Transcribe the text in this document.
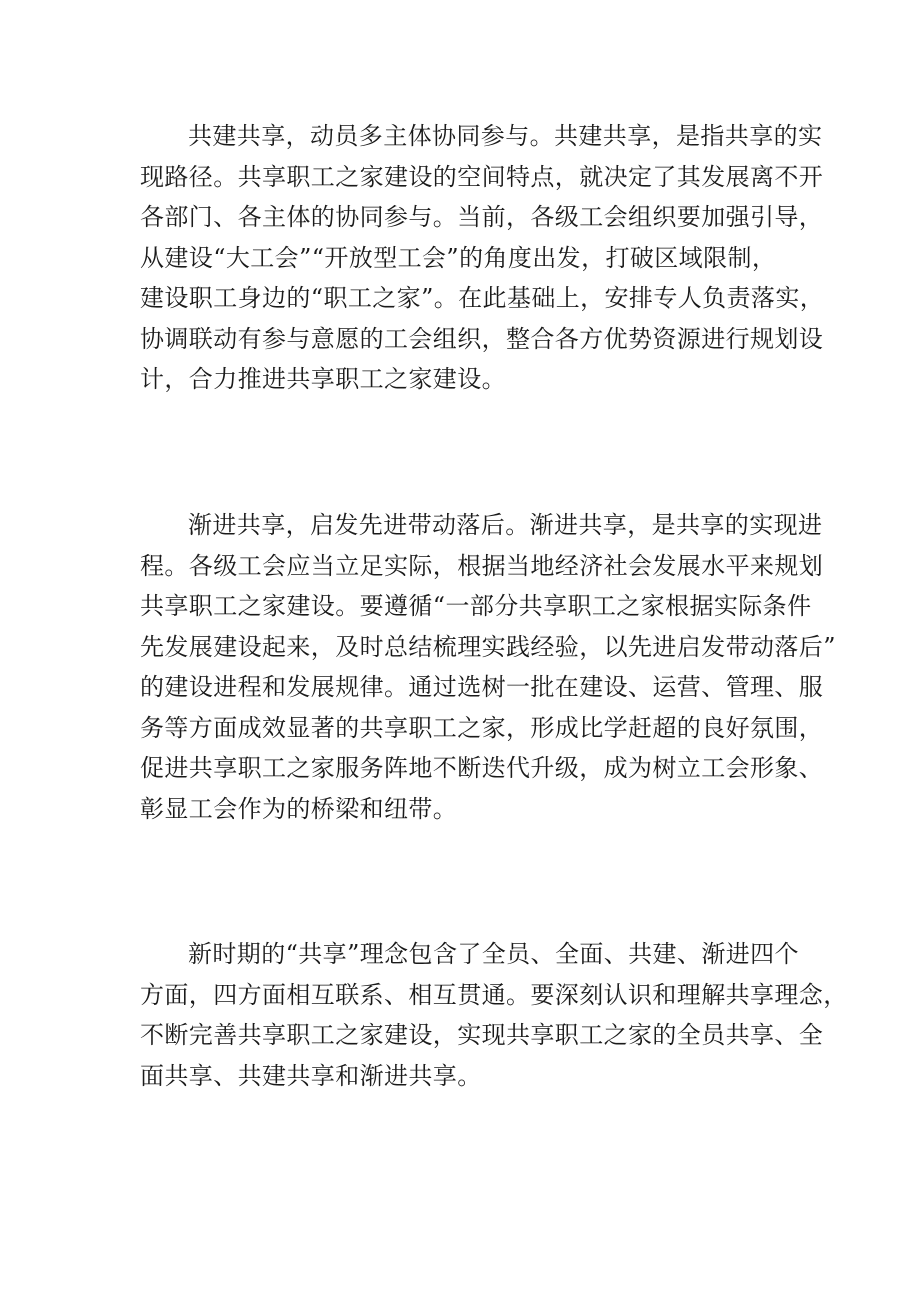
共建共享，动员多主体协同参与。共建共享，是指共享的实
现路径。共享职工之家建设的空间特点，就决定了其发展离不开
各部门、各主体的协同参与。当前，各级工会组织要加强引导，
从建设“大工会”“开放型工会”的角度出发，打破区域限制，
建设职工身边的“职工之家”。在此基础上，安排专人负责落实，
协调联动有参与意愿的工会组织，整合各方优势资源进行规划设
计，合力推进共享职工之家建设。
渐进共享，启发先进带动落后。渐进共享，是共享的实现进
程。各级工会应当立足实际，根据当地经济社会发展水平来规划
共享职工之家建设。要遵循“一部分共享职工之家根据实际条件
先发展建设起来，及时总结梳理实践经验，以先进启发带动落后”
的建设进程和发展规律。通过选树一批在建设、运营、管理、服
务等方面成效显著的共享职工之家，形成比学赶超的良好氛围，
促进共享职工之家服务阵地不断迭代升级，成为树立工会形象、
彰显工会作为的桥梁和纽带。
新时期的“共享”理念包含了全员、全面、共建、渐进四个
方面，四方面相互联系、相互贯通。要深刻认识和理解共享理念，
不断完善共享职工之家建设，实现共享职工之家的全员共享、全
面共享、共建共享和渐进共享。
